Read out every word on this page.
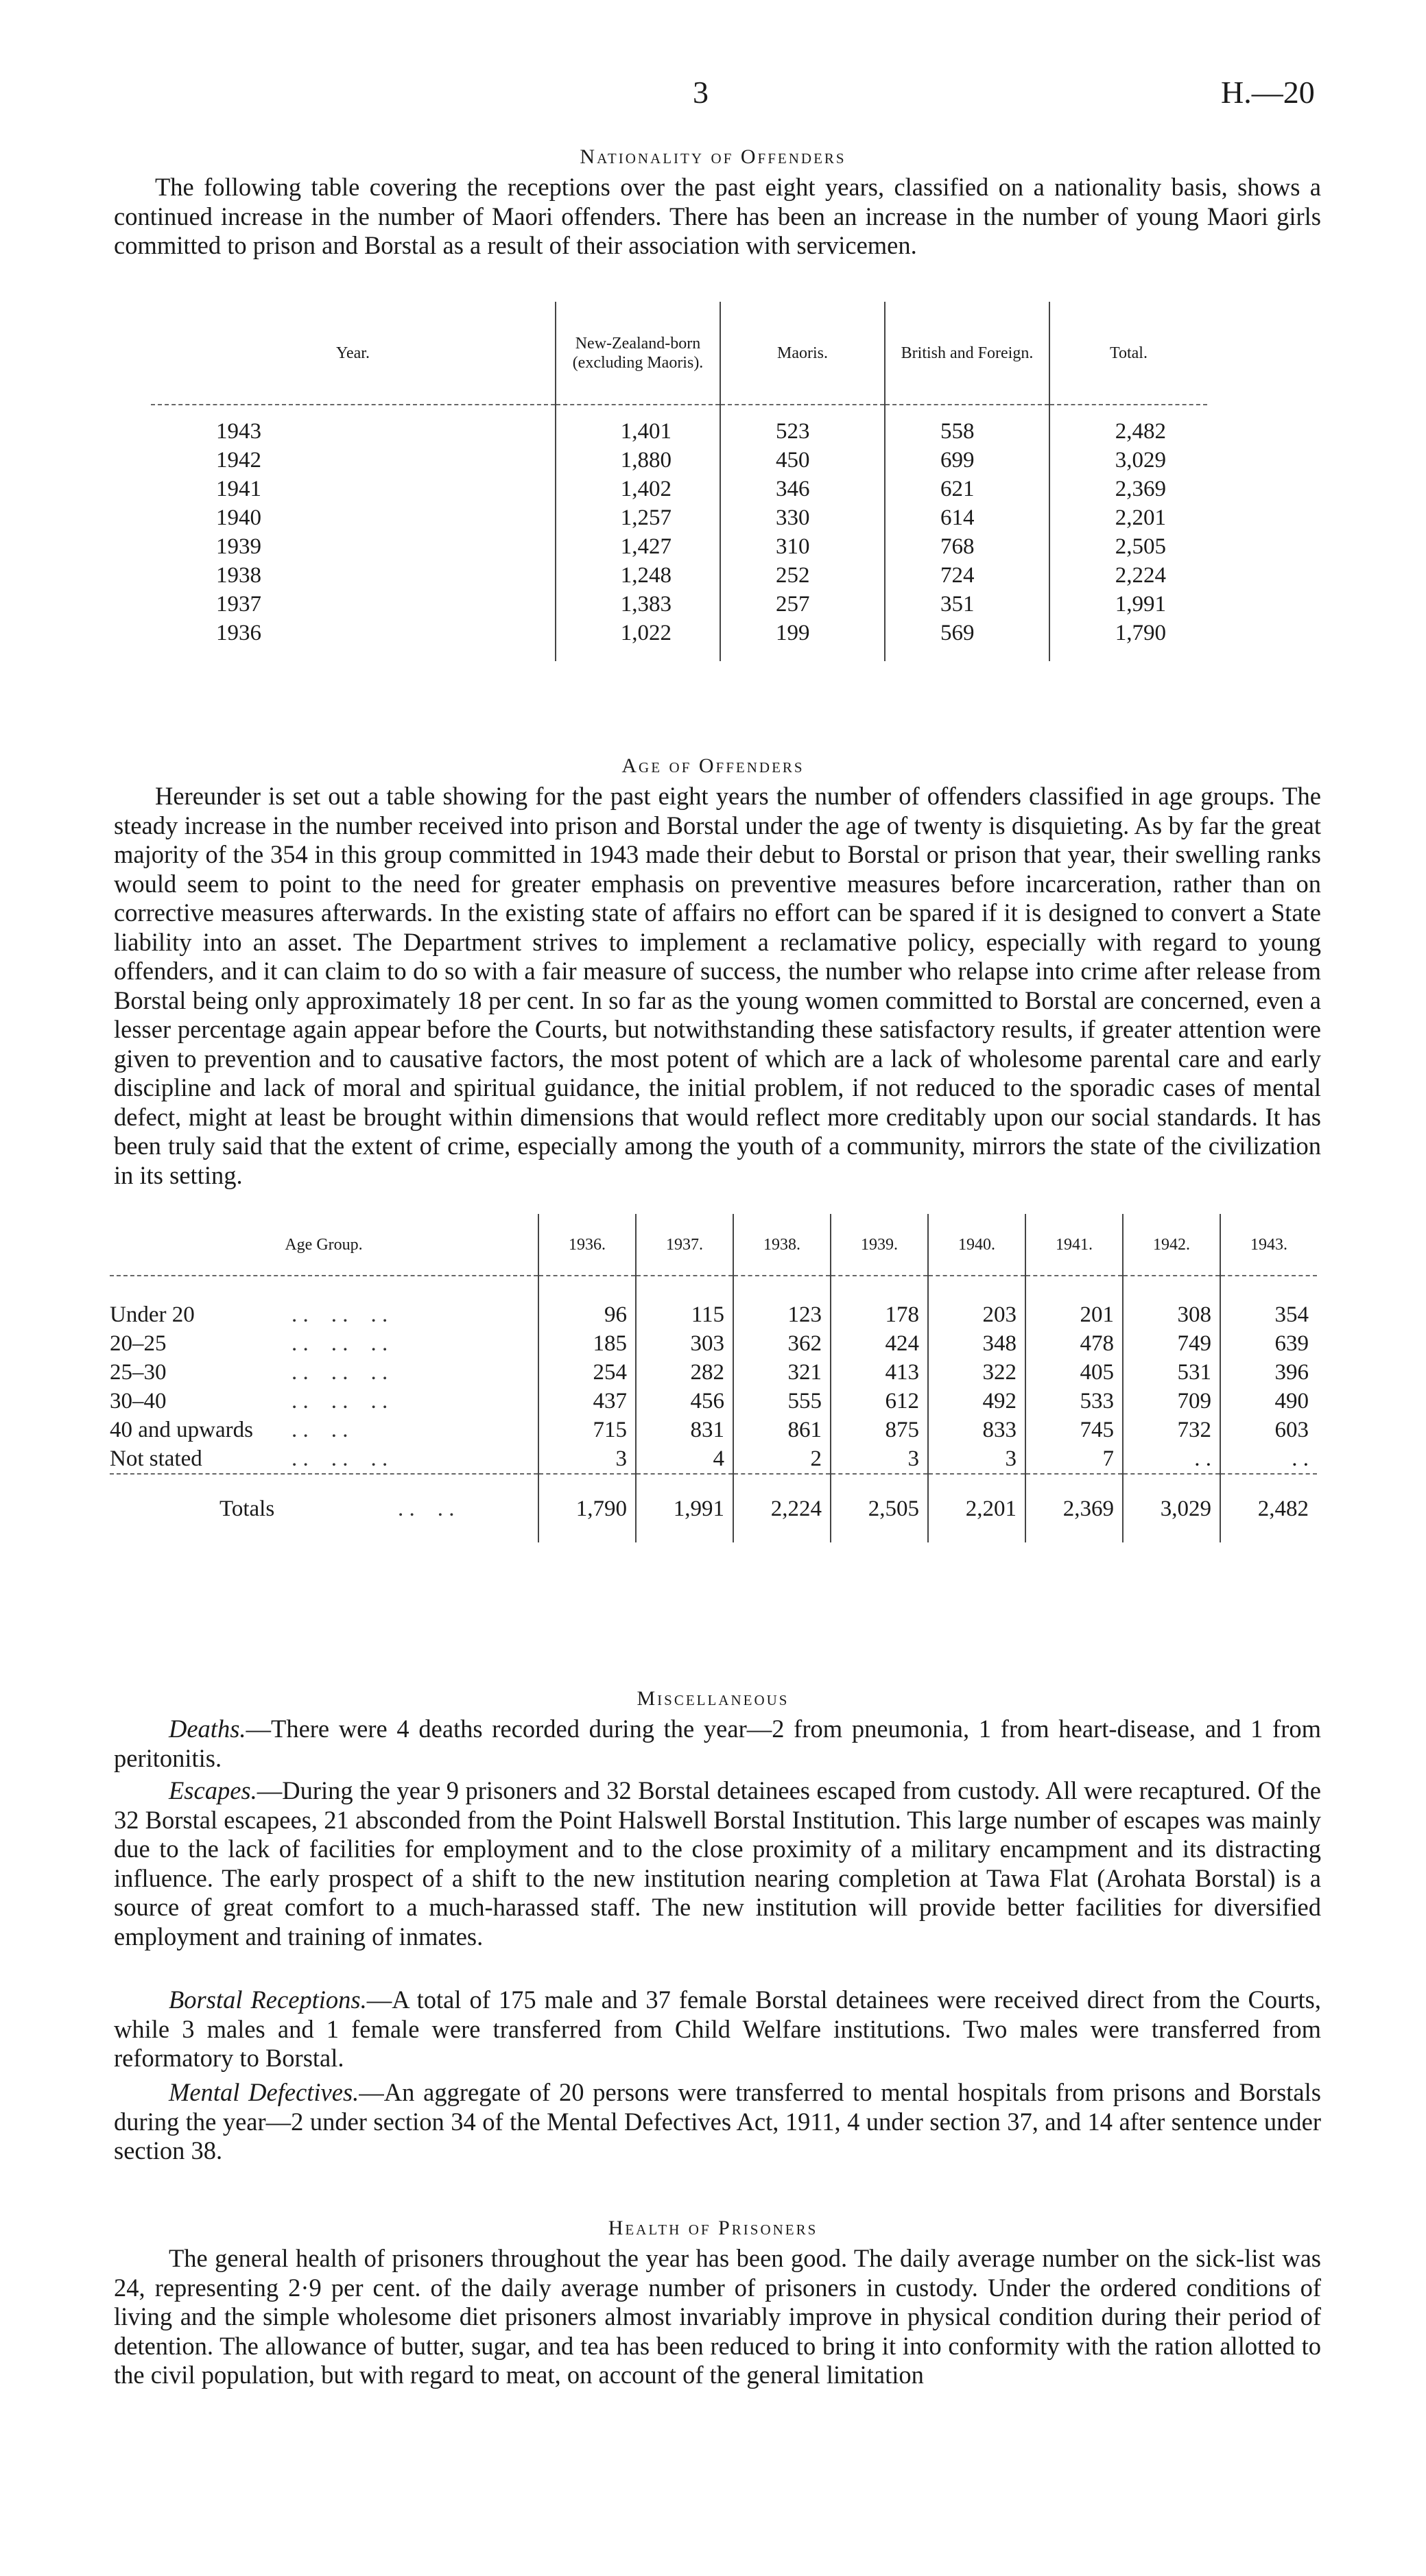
3	H.—20
Nationality of Offenders

The following table covering the receptions over the past eight years, classified on a nationality basis, shows a continued increase in the number of Maori offenders. There has been an increase in the number of young Maori girls committed to prison and Borstal as a result of their association with servicemen.

Year.	New-Zealand-born (excluding Maoris).	Maoris.	British and Foreign.	Total.
1943	1,401	523	558	2,482
1942	1,880	450	699	3,029
1941	1,402	346	621	2,369
1940	1,257	330	614	2,201
1939	1,427	310	768	2,505
1938	1,248	252	724	2,224
1937	1,383	257	351	1,991
1936	1,022	199	569	1,790
Age of Offenders

Hereunder is set out a table showing for the past eight years the number of offenders classified in age groups. The steady increase in the number received into prison and Borstal under the age of twenty is disquieting. As by far the great majority of the 354 in this group committed in 1943 made their debut to Borstal or prison that year, their swelling ranks would seem to point to the need for greater emphasis on preventive measures before incarceration, rather than on corrective measures afterwards. In the existing state of affairs no effort can be spared if it is designed to convert a State liability into an asset. The Department strives to implement a reclamative policy, especially with regard to young offenders, and it can claim to do so with a fair measure of success, the number who relapse into crime after release from Borstal being only approximately 18 per cent. In so far as the young women committed to Borstal are concerned, even a lesser percentage again appear before the Courts, but notwithstanding these satisfactory results, if greater attention were given to prevention and to causative factors, the most potent of which are a lack of wholesome parental care and early discipline and lack of moral and spiritual guidance, the initial problem, if not reduced to the sporadic cases of mental defect, might at least be brought within dimensions that would reflect more creditably upon our social standards. It has been truly said that the extent of crime, especially among the youth of a community, mirrors the state of the civilization in its setting.

Age Group.	1936.	1937.	1938.	1939.	1940.	1941.	1942.	1943.
Under 20 . .    . .    . .	96	115	123	178	203	201	308	354
20–25 . .    . .    . .	185	303	362	424	348	478	749	639
25–30 . .    . .    . .	254	282	321	413	322	405	531	396
30–40 . .    . .    . .	437	456	555	612	492	533	709	490
40 and upwards . .    . .	715	831	861	875	833	745	732	603
Not stated . .    . .    . .	3	4	2	3	3	7	. .	. .
Totals . .    . .	1,790	1,991	2,224	2,505	2,201	2,369	3,029	2,482
Miscellaneous

Deaths.—There were 4 deaths recorded during the year—2 from pneumonia, 1 from heart-disease, and 1 from peritonitis.

Escapes.—During the year 9 prisoners and 32 Borstal detainees escaped from custody. All were recaptured. Of the 32 Borstal escapees, 21 absconded from the Point Halswell Borstal Institution. This large number of escapes was mainly due to the lack of facilities for employment and to the close proximity of a military encampment and its distracting influence. The early prospect of a shift to the new institution nearing completion at Tawa Flat (Arohata Borstal) is a source of great comfort to a much-harassed staff. The new institution will provide better facilities for diversified employment and training of inmates.

Borstal Receptions.—A total of 175 male and 37 female Borstal detainees were received direct from the Courts, while 3 males and 1 female were transferred from Child Welfare institutions. Two males were transferred from reformatory to Borstal.

Mental Defectives.—An aggregate of 20 persons were transferred to mental hospitals from prisons and Borstals during the year—2 under section 34 of the Mental Defectives Act, 1911, 4 under section 37, and 14 after sentence under section 38.

Health of Prisoners

The general health of prisoners throughout the year has been good. The daily average number on the sick-list was 24, representing 2·9 per cent. of the daily average number of prisoners in custody. Under the ordered conditions of living and the simple wholesome diet prisoners almost invariably improve in physical condition during their period of detention. The allowance of butter, sugar, and tea has been reduced to bring it into conformity with the ration allotted to the civil population, but with regard to meat, on account of the general limitation
